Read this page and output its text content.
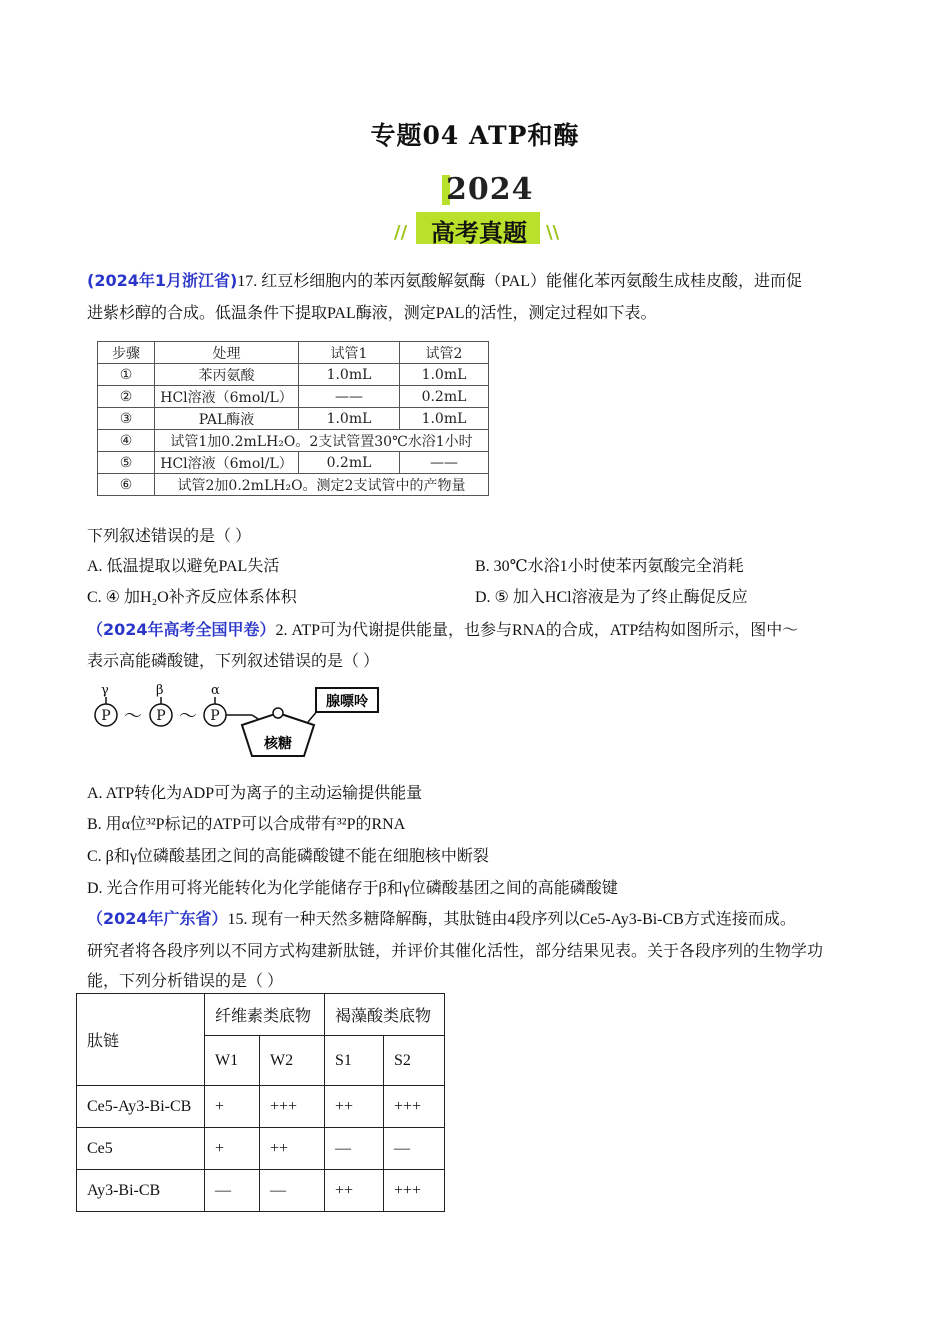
专题04 ATP和酶
2024
// 高考真题	\\
(2024年1月浙江省)17. 红豆杉细胞内的苯丙氨酸解氨酶（PAL）能催化苯丙氨酸生成桂皮酸，进而促
进紫杉醇的合成。低温条件下提取PAL酶液，测定PAL的活性，测定过程如下表。
步骤	处理	试管1	试管2
①	苯丙氨酸	1.0mL	1.0mL
②	HCl溶液（6mol/L）	——	0.2mL
③	PAL酶液	1.0mL	1.0mL
④	试管1加0.2mLH₂O。2支试管置30℃水浴1小时		
⑤	HCl溶液（6mol/L）	0.2mL	——
⑥	试管2加0.2mLH₂O。测定2支试管中的产物量		
下列叙述错误的是（ ）
A. 低温提取以避免PAL失活	B. 30℃水浴1小时使苯丙氨酸完全消耗
C. ④ 加H₂O补齐反应体系体积	D. ⑤ 加入HCl溶液是为了终止酶促反应
（2024年高考全国甲卷）2. ATP可为代谢提供能量，也参与RNA的合成，ATP结构如图所示，图中～
表示高能磷酸键，下列叙述错误的是（ ）
γ	β	α
P	P	P
～ ～
核糖
腺嘌呤
A. ATP转化为ADP可为离子的主动运输提供能量
B. 用α位³²P标记的ATP可以合成带有³²P的RNA
C. β和γ位磷酸基团之间的高能磷酸键不能在细胞核中断裂
D. 光合作用可将光能转化为化学能储存于β和γ位磷酸基团之间的高能磷酸键
（2024年广东省）15. 现有一种天然多糖降解酶，其肽链由4段序列以Ce5-Ay3-Bi-CB方式连接而成。
研究者将各段序列以不同方式构建新肽链，并评价其催化活性，部分结果见表。关于各段序列的生物学功
能，下列分析错误的是（ ）
肽链	纤维素类底物		褐藻酸类底物	
	W1	W2	S1	S2
Ce5-Ay3-Bi-CB	+	+++	++	+++
Ce5	+	++	—	—
Ay3-Bi-CB	—	—	++	+++
